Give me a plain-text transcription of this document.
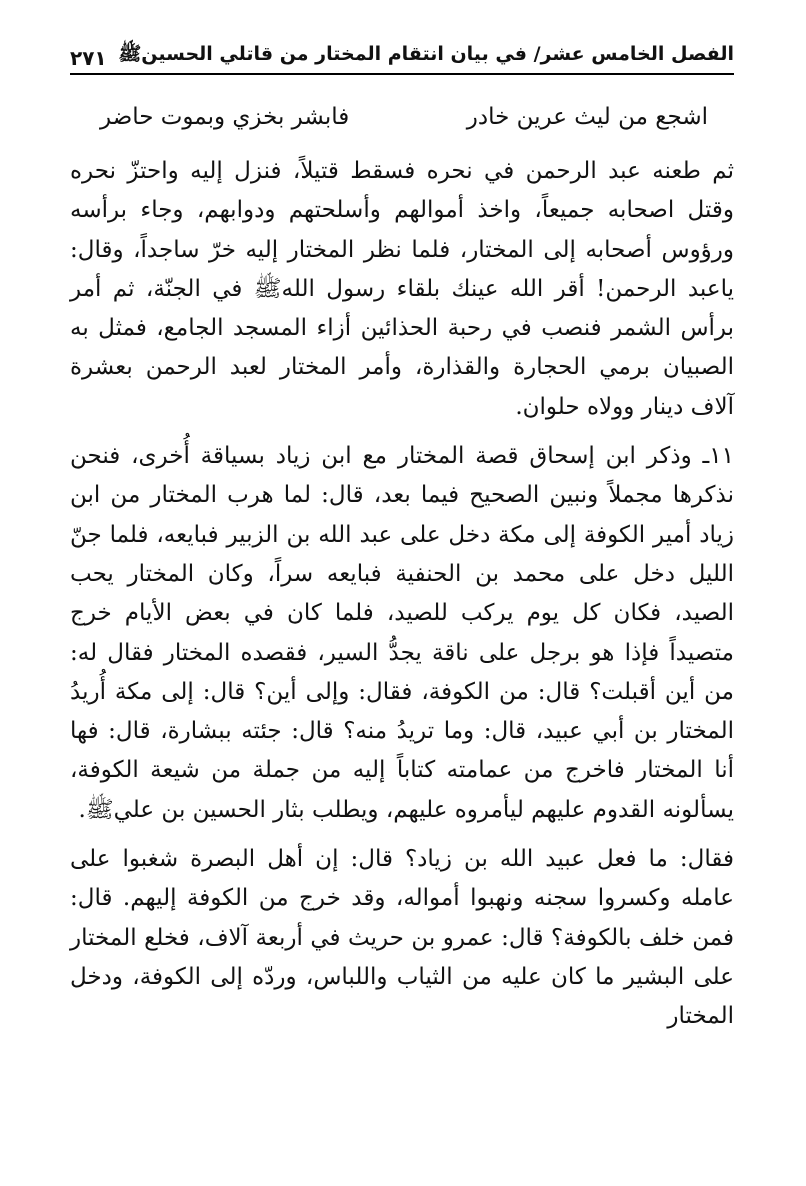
الفصل الخامس عشر/ في بيان انتقام المختار من قاتلي الحسينﷺ
٢٧١
اشجع من ليث عرين خادر
فابشر بخزي وبموت حاضر

ثم طعنه عبد الرحمن في نحره فسقط قتيلاً، فنزل إليه واحتزّ نحره وقتل اصحابه جميعاً، واخذ أموالهم وأسلحتهم ودوابهم، وجاء برأسه ورؤوس أصحابه إلى المختار، فلما نظر المختار إليه خرّ ساجداً، وقال: ياعبد الرحمن! أقر الله عينك بلقاء رسول اللهﷺ في الجنّة، ثم أمر برأس الشمر فنصب في رحبة الحذائين أزاء المسجد الجامع، فمثل به الصبيان برمي الحجارة والقذارة، وأمر المختار لعبد الرحمن بعشرة آلاف دينار وولاه حلوان.

١١ـ وذكر ابن إسحاق قصة المختار مع ابن زياد بسياقة أُخرى، فنحن نذكرها مجملاً ونبين الصحيح فيما بعد، قال: لما هرب المختار من ابن زياد أمير الكوفة إلى مكة دخل على عبد الله بن الزبير فبايعه، فلما جنّ الليل دخل على محمد بن الحنفية فبايعه سراً، وكان المختار يحب الصيد، فكان كل يوم يركب للصيد، فلما كان في بعض الأيام خرج متصيداً فإذا هو برجل على ناقة يجدُّ السير، فقصده المختار فقال له: من أين أقبلت؟ قال: من الكوفة، فقال: وإلى أين؟ قال: إلى مكة أُريدُ المختار بن أبي عبيد، قال: وما تريدُ منه؟ قال: جئته ببشارة، قال: فها أنا المختار فاخرج من عمامته كتاباً إليه من جملة من شيعة الكوفة، يسألونه القدوم عليهم ليأمروه عليهم، ويطلب بثار الحسين بن عليﷺ.

فقال: ما فعل عبيد الله بن زياد؟ قال: إن أهل البصرة شغبوا على عامله وكسروا سجنه ونهبوا أمواله، وقد خرج من الكوفة إليهم. قال: فمن خلف بالكوفة؟ قال: عمرو بن حريث في أربعة آلاف، فخلع المختار على البشير ما كان عليه من الثياب واللباس، وردّه إلى الكوفة، ودخل المختار
